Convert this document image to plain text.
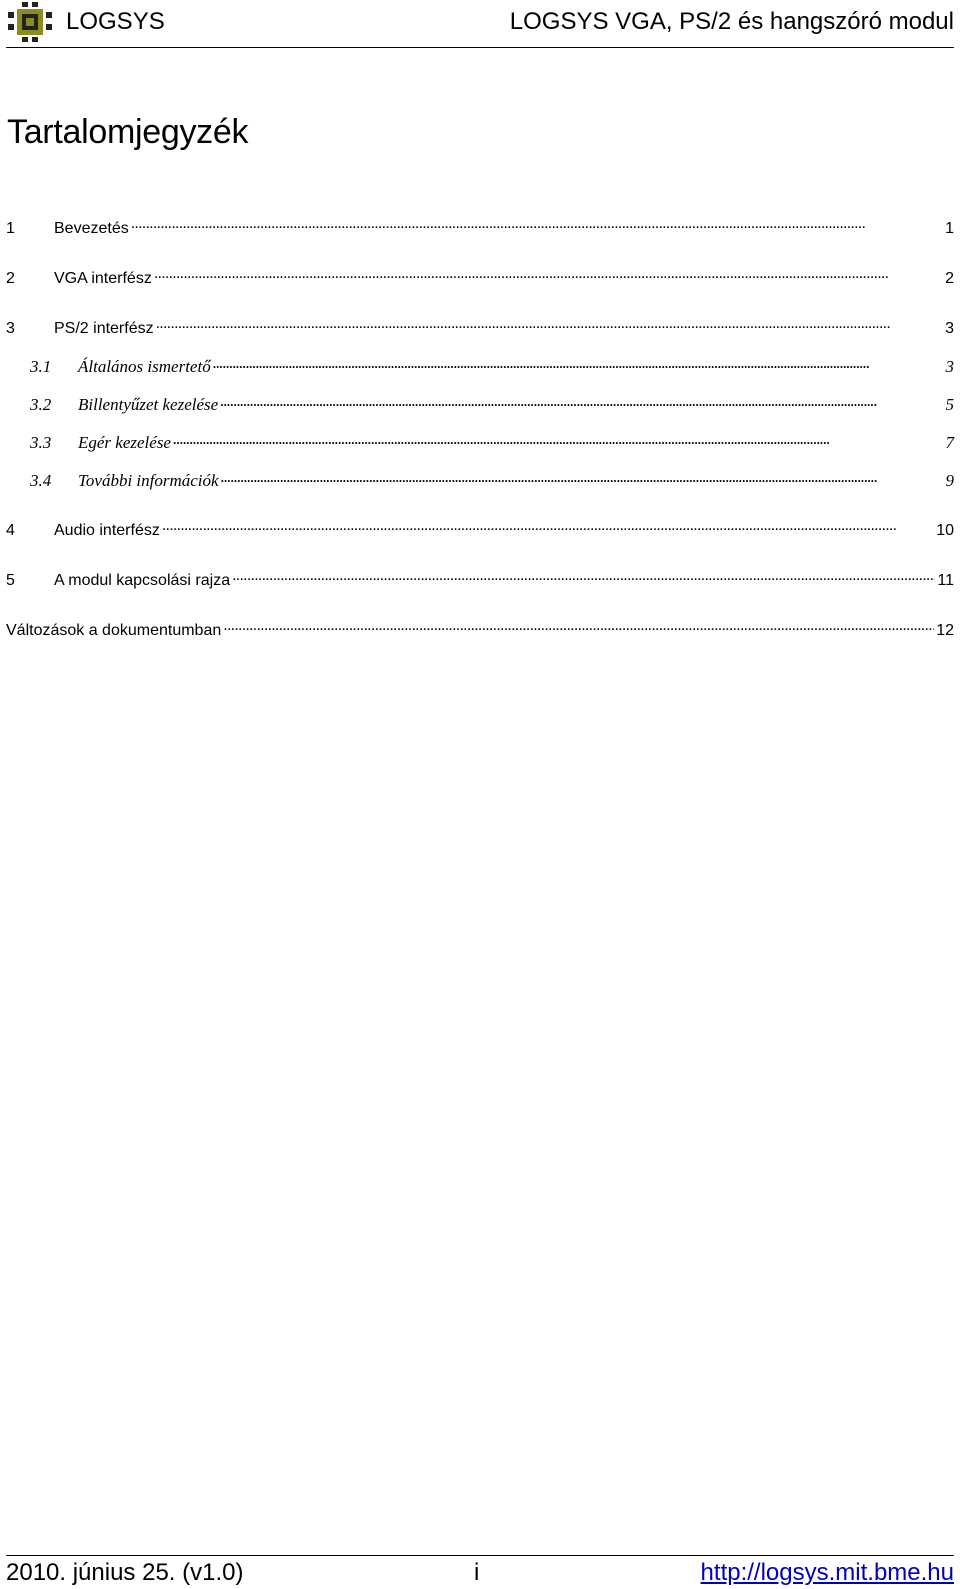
LOGSYS	LOGSYS VGA, PS/2 és hangszóró modul
Tartalomjegyzék
1	Bevezetés . . .	1
2	VGA interfész . . .	2
3	PS/2 interfész . . .	3
3.1	Általános ismertető . . .	3
3.2	Billentyűzet kezelése . . .	5
3.3	Egér kezelése . . .	7
3.4	További információk . . .	9
4	Audio interfész . . .	10
5	A modul kapcsolási rajza . . .	11
Változások a dokumentumban . . .	12
2010. június 25. (v1.0)	i	http://logsys.mit.bme.hu
